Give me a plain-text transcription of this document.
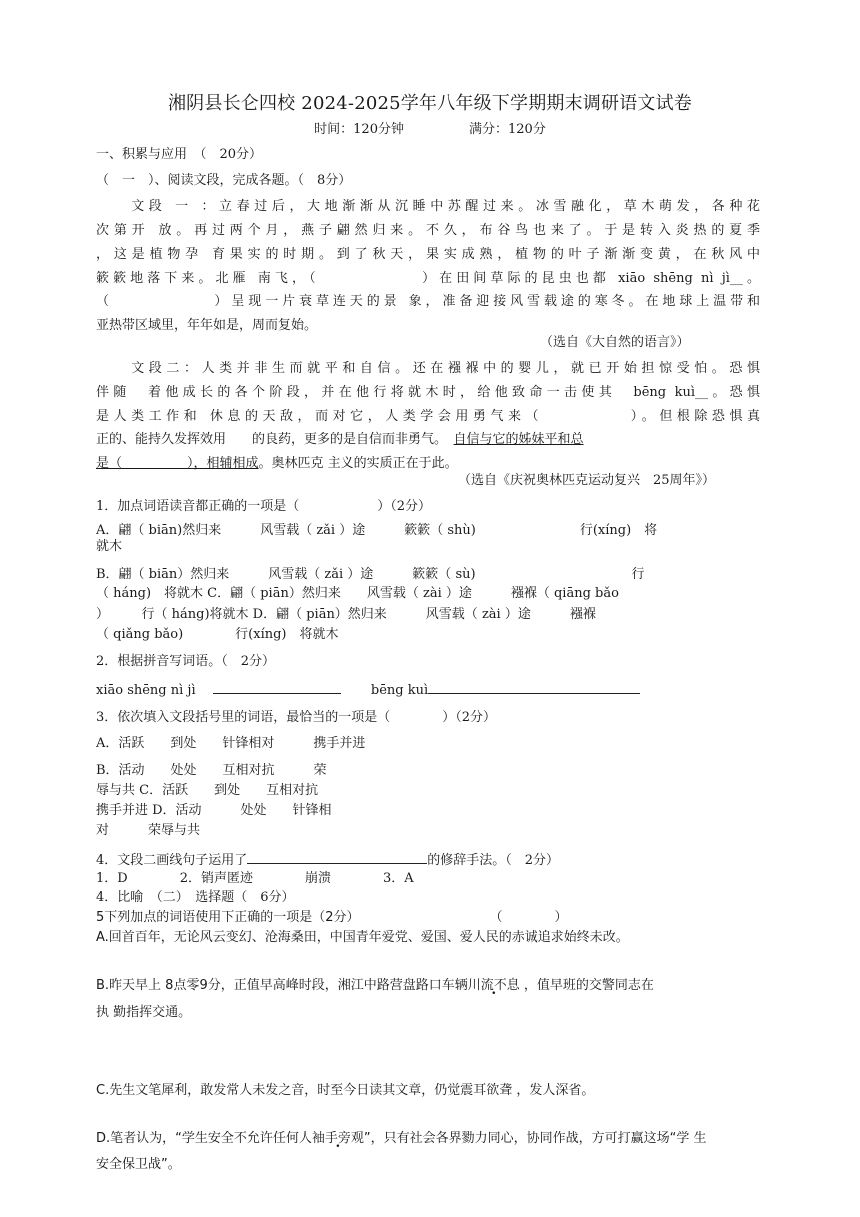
湘阴县长仑四校 2024-2025学年八年级下学期期末调研语文试卷
时间：120分钟　　　　　	满分：120分
一、积累与应用　（　20分）
（　一　）、阅读文段，完成各题。（　8分）
　　文段 一 ：立春过后，大地渐渐从沉睡中苏醒过来。冰雪融化，草木萌发，各种花
次第开 放。再过两个月，燕子翩然归来。不久，布谷鸟也来了。于是转入炎热的夏季
，这是植物孕 育果实的时期。到了秋天，果实成熟，植物的叶子渐渐变黄，在秋风中
簌簌地落下来。北雁 南飞，（　　　　　　）在田间草际的昆虫也都 xiāo shēng nì jì__。
（　　　　　　）呈现一片衰草连天的景 象，准备迎接风雪载途的寒冬。在地球上温带和
亚热带区域里，年年如是，周而复始。
（选自《大自然的语言》）
　　文段二：人类并非生而就平和自信。还在襁褓中的婴儿，就已开始担惊受怕。恐惧
伴随　着他成长的各个阶段，并在他行将就木时，给他致命一击使其　bēng kuì__。恐惧
是人类工作和 休息的天敌，而对它，人类学会用勇气来（　　　　　）。但根除恐惧真
正的、能持久发挥效用　　的良药，更多的是自信而非勇气。　 自信与它的姊妹平和总
是（　　　　　），相辅相成。奥林匹克 主义的实质正在于此。
（选自《庆祝奥林匹克运动复兴　25周年》）
1．加点词语读音都正确的一项是（　　　　　　）（2分）
A．翩（ biān)然归来　　　风雪载（ zǎi ）途　　　簌簌（ shù)　　　　　　　　行(xíng)　将
就木
B．翩（ biān）然归来　　　风雪载（ zǎi ）途　　　簌簌（ sù)　　　　　　　　　　　　行
（ háng)　将就木 C．翩（ piān）然归来　　风雪载（ zài ）途　　　襁褓（ qiāng bǎo
）　　　行（ háng)将就木 D．翩（ piān）然归来　　　风雪载（ zài ）途　　　襁褓
（ qiǎng bǎo)　　　　行(xíng)　将就木
2．根据拼音写词语。（　2分）
xiāo shēng nì jì　 　　	bēng kuì
3．依次填入文段括号里的词语，最恰当的一项是（　　　　）（2分）
A．活跃　　到处　　针锋相对　　　携手并进
B．活动　　处处　　互相对抗　　　荣
辱与共 C．活跃　　到处　　互相对抗
携手并进 D．活动　　　处处　　针锋相
对　　　荣辱与共
4．文段二画线句子运用了	的修辞手法。（　2分）
1．D　　　　2．销声匿迹　　　　崩溃　　　　3．A
4．比喻　（二）　选择题（　6分）
5下列加点的词语使用下正确的一项是（2分）　　　　　　　　　　　（　　　　）
A.回首百年，无论风云变幻、沧海桑田，中国青年爱党、爱国、爱人民的赤诚追求始终未改。
B.昨天早上 8点零9分，正值早高峰时段，湘江中路营盘路口车辆川流不息 ，值早班的交警同志在
执 勤指挥交通。
C.先生文笔犀利，敢发常人未发之音，时至今日读其文章，仍觉震耳欲聋 ，发人深省。
D.笔者认为，“学生安全不允许任何人袖手旁观”，只有社会各界勠力同心，协同作战，方可打赢这场“学 生
安全保卫战”。
